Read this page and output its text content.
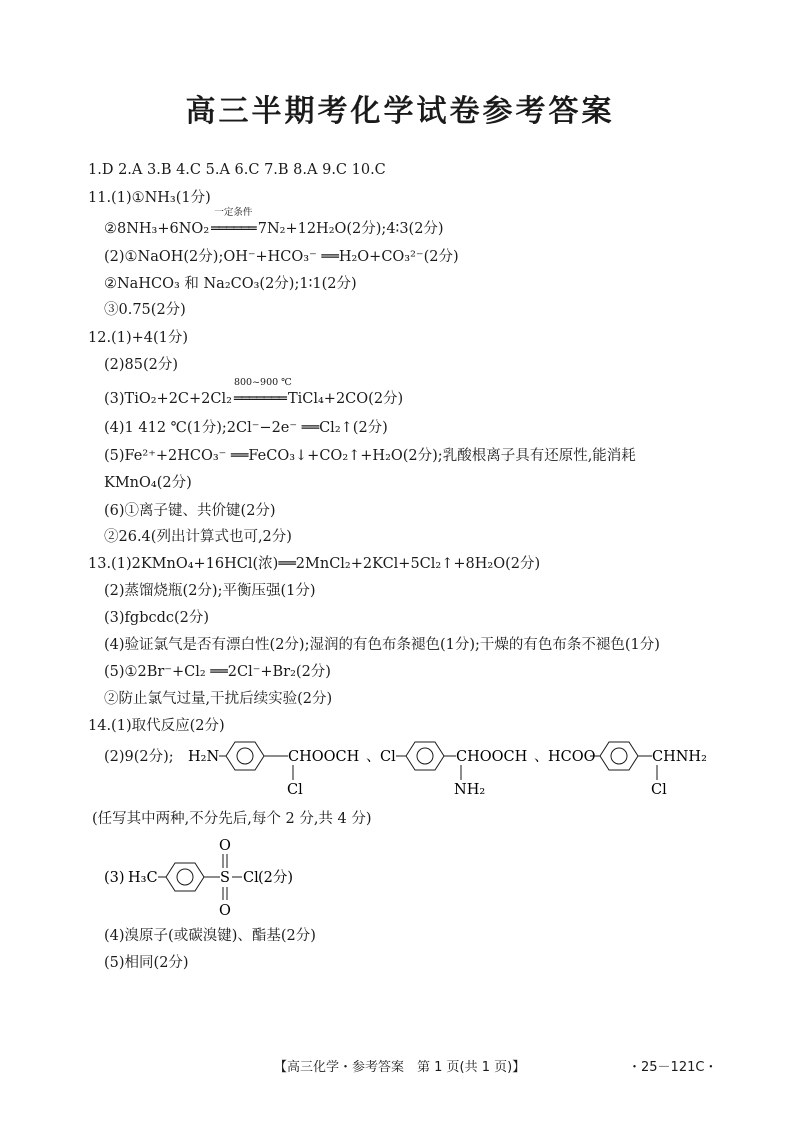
高三半期考化学试卷参考答案
1.D 2.A 3.B 4.C 5.A 6.C 7.B 8.A 9.C 10.C
11.(1)①NH₃(1分)
②8NH₃+6NO₂
一定条件
══════ 7N₂+12H₂O(2分);4∶3(2分)
(2)①NaOH(2分);OH⁻+HCO₃⁻ ══H₂O+CO₃²⁻(2分)
②NaHCO₃ 和 Na₂CO₃(2分);1∶1(2分)
③0.75(2分)
12.(1)+4(1分)
(2)85(2分)
(3)TiO₂+2C+2Cl₂
800~900 ℃
═══════ TiCl₄+2CO(2分)
(4)1 412 ℃(1分);2Cl⁻−2e⁻ ══Cl₂↑(2分)
(5)Fe²⁺+2HCO₃⁻ ══FeCO₃↓+CO₂↑+H₂O(2分);乳酸根离子具有还原性,能消耗
KMnO₄(2分)
(6)①离子键、共价键(2分)
②26.4(列出计算式也可,2分)
13.(1)2KMnO₄+16HCl(浓)══2MnCl₂+2KCl+5Cl₂↑+8H₂O(2分)
(2)蒸馏烧瓶(2分);平衡压强(1分)
(3)fgbcdc(2分)
(4)验证氯气是否有漂白性(2分);湿润的有色布条褪色(1分);干燥的有色布条不褪色(1分)
(5)①2Br⁻+Cl₂ ══2Cl⁻+Br₂(2分)
②防止氯气过量,干扰后续实验(2分)
14.(1)取代反应(2分)
(2)9(2分); H₂N	CHOOCH
Cl
、 Cl	CHOOCH
NH₂
、 HCOO	CHNH₂
Cl
(任写其中两种,不分先后,每个 2 分,共 4 分)
(3) H₃C	S
O
O
Cl (2分)
(4)溴原子(或碳溴键)、酯基(2分)
(5)相同(2分)
【高三化学・参考答案　第 1 页(共 1 页)】	・25－121C・
